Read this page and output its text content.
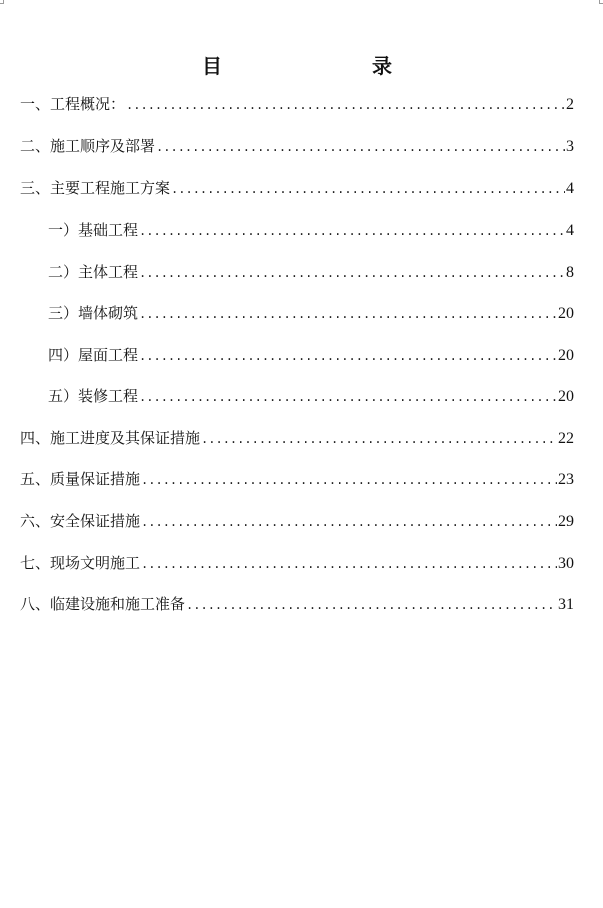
目	录
一、工程概况： .....	2
二、施工顺序及部署 .....	3
三、主要工程施工方案 .....	4
一）基础工程 .....	4
二）主体工程 .....	8
三）墙体砌筑 .....	20
四）屋面工程 .....	20
五）装修工程 .....	20
四、施工进度及其保证措施 .....	22
五、质量保证措施 .....	23
六、安全保证措施 .....	29
七、现场文明施工 .....	30
八、临建设施和施工准备 .....	31
